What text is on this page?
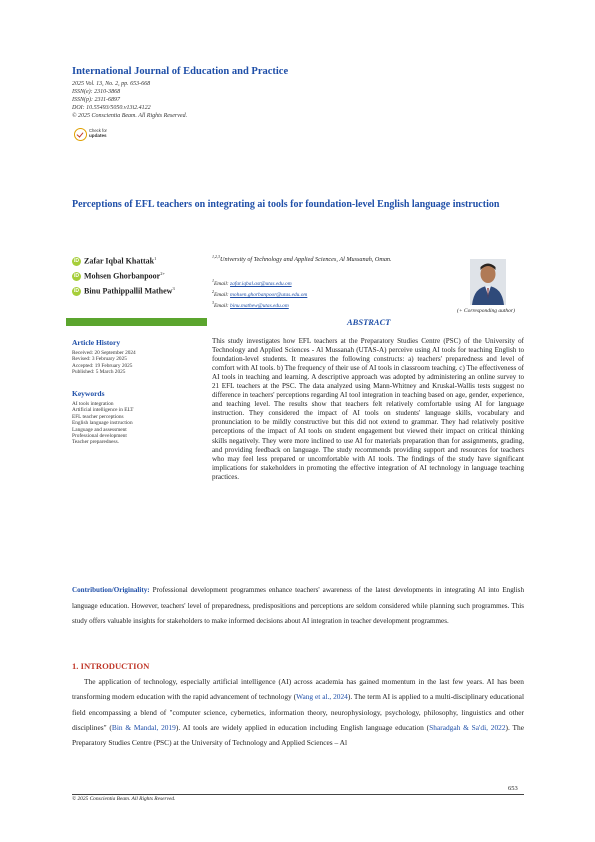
International Journal of Education and Practice
2025 Vol. 13, No. 2, pp. 653-668
ISSN(e): 2310-3868
ISSN(p): 2311-6897
DOI: 10.55493/5050.v13i2.4122
© 2025 Conscientia Beam. All Rights Reserved.
Check for
updates
Perceptions of EFL teachers on integrating ai tools for foundation-level English language instruction
iD Zafar Iqbal Khattak$^1$
iD Mohsen Ghorbanpoor$^{2+}$
iD Binu Pathippallil Mathew$^3$
$^{1,2,3}$University of Technology and Applied Sciences, Al Mussanah, Oman.
$^1$Email: zafar.iqbal.ast@utas.edu.om
$^2$Email: mohsen.ghorbanpoor@utas.edu.om
$^3$Email: binu.mathew@utas.edu.om
(+ Corresponding author)
ABSTRACT
Article History
Received: 20 September 2024
Revised: 3 February 2025
Accepted: 19 February 2025
Published: 5 March 2025
Keywords
AI tools integration
Artificial intelligence in ELT
EFL teacher perceptions
English language instruction
Language and assessment
Professional development
Teacher preparedness.
This study investigates how EFL teachers at the Preparatory Studies Centre (PSC) of the University of Technology and Applied Sciences - Al Mussanah (UTAS-A) perceive using AI tools for teaching English to foundation-level students. It measures the following constructs: a) teachers' preparedness and level of comfort with AI tools. b) The frequency of their use of AI tools in classroom teaching. c) The effectiveness of AI tools in teaching and learning. A descriptive approach was adopted by administering an online survey to 21 EFL teachers at the PSC. The data analyzed using Mann-Whitney and Kruskal-Wallis tests suggest no difference in teachers' perceptions regarding AI tool integration in teaching based on age, gender, experience, and teaching level. The results show that teachers felt relatively comfortable using AI for language instruction. They considered the impact of AI tools on students' language skills, vocabulary and pronunciation to be mildly constructive but this did not extend to grammar. They had relatively positive perceptions of the impact of AI tools on student engagement but viewed their impact on critical thinking skills negatively. They were more inclined to use AI for materials preparation than for assignments, grading, and providing feedback on language. The study recommends providing support and resources for teachers who may feel less prepared or uncomfortable with AI tools. The findings of the study have significant implications for stakeholders in promoting the effective integration of AI technology in language teaching practices.
Contribution/Originality: Professional development programmes enhance teachers' awareness of the latest developments in integrating AI into English language education. However, teachers' level of preparedness, predispositions and perceptions are seldom considered while planning such programmes. This study offers valuable insights for stakeholders to make informed decisions about AI integration in teacher development programmes.
1. INTRODUCTION
The application of technology, especially artificial intelligence (AI) across academia has gained momentum in the last few years. AI has been transforming modern education with the rapid advancement of technology (Wang et al., 2024). The term AI is applied to a multi-disciplinary educational field encompassing a blend of "computer science, cybernetics, information theory, neurophysiology, psychology, philosophy, linguistics and other disciplines" (Bin & Mandal, 2019). AI tools are widely applied in education including English language education (Sharadgah & Sa'di, 2022). The Preparatory Studies Centre (PSC) at the University of Technology and Applied Sciences – Al
653
© 2025 Conscientia Beam. All Rights Reserved.
